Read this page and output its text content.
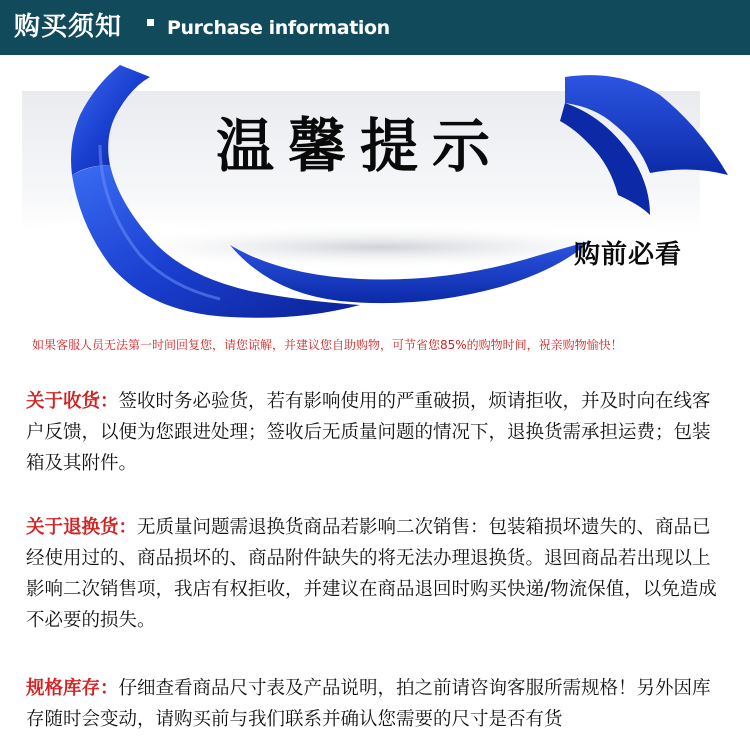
购买须知 Purchase information
温馨提示
购前必看
如果客服人员无法第一时间回复您，请您谅解，并建议您自助购物，可节省您85%的购物时间，祝亲购物愉快！
关于收货：签收时务必验货，若有影响使用的严重破损，烦请拒收，并及时向在线客户反馈，以便为您跟进处理；签收后无质量问题的情况下，退换货需承担运费；包装箱及其附件。
关于退换货：无质量问题需退换货商品若影响二次销售：包装箱损坏遗失的、商品已经使用过的、商品损坏的、商品附件缺失的将无法办理退换货。退回商品若出现以上影响二次销售项，我店有权拒收，并建议在商品退回时购买快递/物流保值，以免造成不必要的损失。
规格库存：仔细查看商品尺寸表及产品说明，拍之前请咨询客服所需规格！另外因库存随时会变动，请购买前与我们联系并确认您需要的尺寸是否有货
